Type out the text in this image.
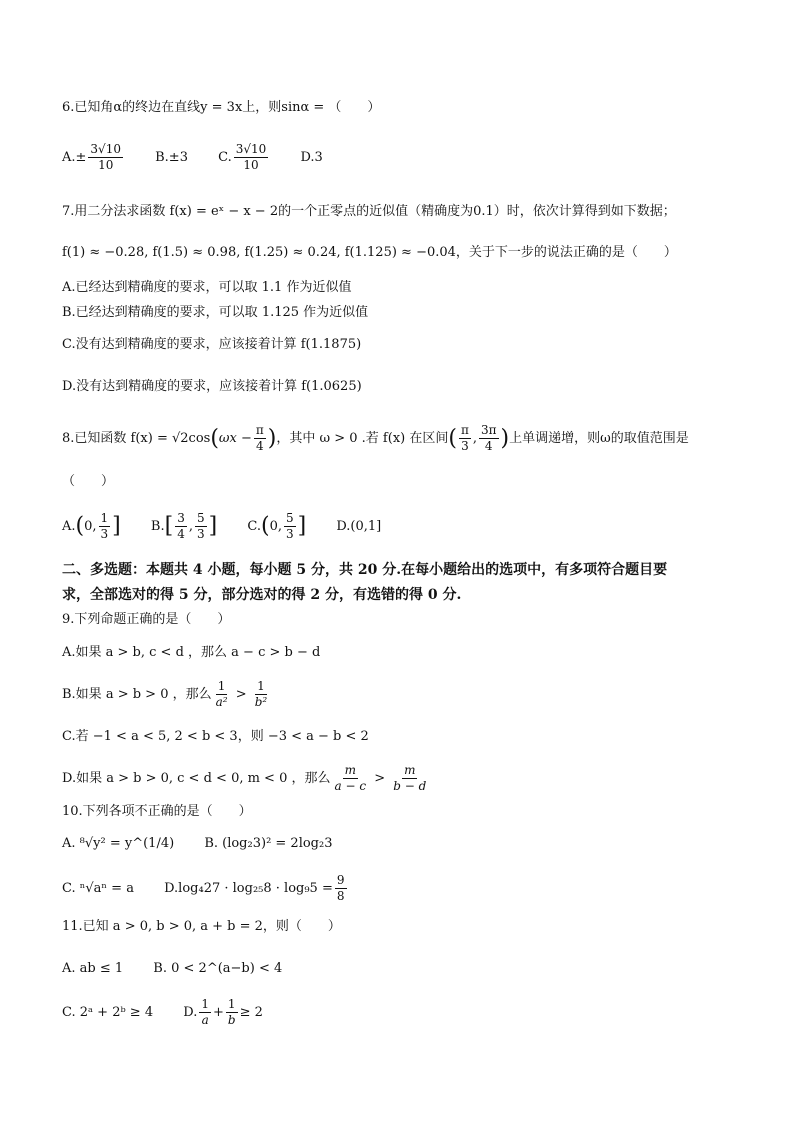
6.已知角α的终边在直线y = 3x上，则sinα = （　　）
$A.\pm \frac{3√10}{10} B.\pm 3$ C. $\frac{3√10}{10} D.3$
7.用二分法求函数 f(x) = eˣ − x − 2的一个正零点的近似值（精确度为0.1）时，依次计算得到如下数据；
f(1) ≈ −0.28, f(1.5) ≈ 0.98, f(1.25) ≈ 0.24, f(1.125) ≈ −0.04，关于下一步的说法正确的是（　　）
A.已经达到精确度的要求，可以取 1.1 作为近似值
B.已经达到精确度的要求，可以取 1.125 作为近似值
C.没有达到精确度的要求，应该接着计算 f(1.1875)
D.没有达到精确度的要求，应该接着计算 f(1.0625)
8.已知函数 $f(x) = √2\cos(\omega x - \frac{\pi}{4}$ )，其中 ω > 0 .若 f(x) 在区间( $\frac{\pi}{3}$ , $\frac{3\pi}{4}$ )上单调递增，则ω的取值范围是
（　　）
A.(0, $\frac{1}{3}$ ] $B.[ \frac{3}{4}$ , $\frac{5}{3}$ ] C.(0, $\frac{5}{3}$ ] D.(0,1]
二、多选题：本题共 4 小题，每小题 5 分，共 20 分.在每小题给出的选项中，有多项符合题目要
求，全部选对的得 5 分，部分选对的得 2 分，有选错的得 0 分.
9.下列命题正确的是（　　）
A.如果 a > b, c < d ，那么 a − c > b − d
B.如果 a > b > 0 ，那么 $\frac{1}{\text{a²}} > \frac{1}{\text{b²}}$
C.若 −1 < a < 5, 2 < b < 3，则 −3 < a − b < 2
D.如果 a > b > 0, c < d < 0, m < 0 ，那么 $\frac{m}{a - c} > \frac{m}{b - d}$
10.下列各项不正确的是（　　）
A. ⁸√y² = y^(1/4) B. (log₂3)² = 2log₂3
C. ⁿ√aⁿ = a $D.\log_427 \cdot \log_{25}8 \cdot \log_95 = \frac{9}{8}$
11.已知 a > 0, b > 0, a + b = 2，则（　　）
A. ab ≤ 1 B. 0 < 2^(a−b) < 4
C. 2ᵃ + 2ᵇ ≥ 4 D. $\frac{1}{a} + \frac{1}{b} \ge 2$
